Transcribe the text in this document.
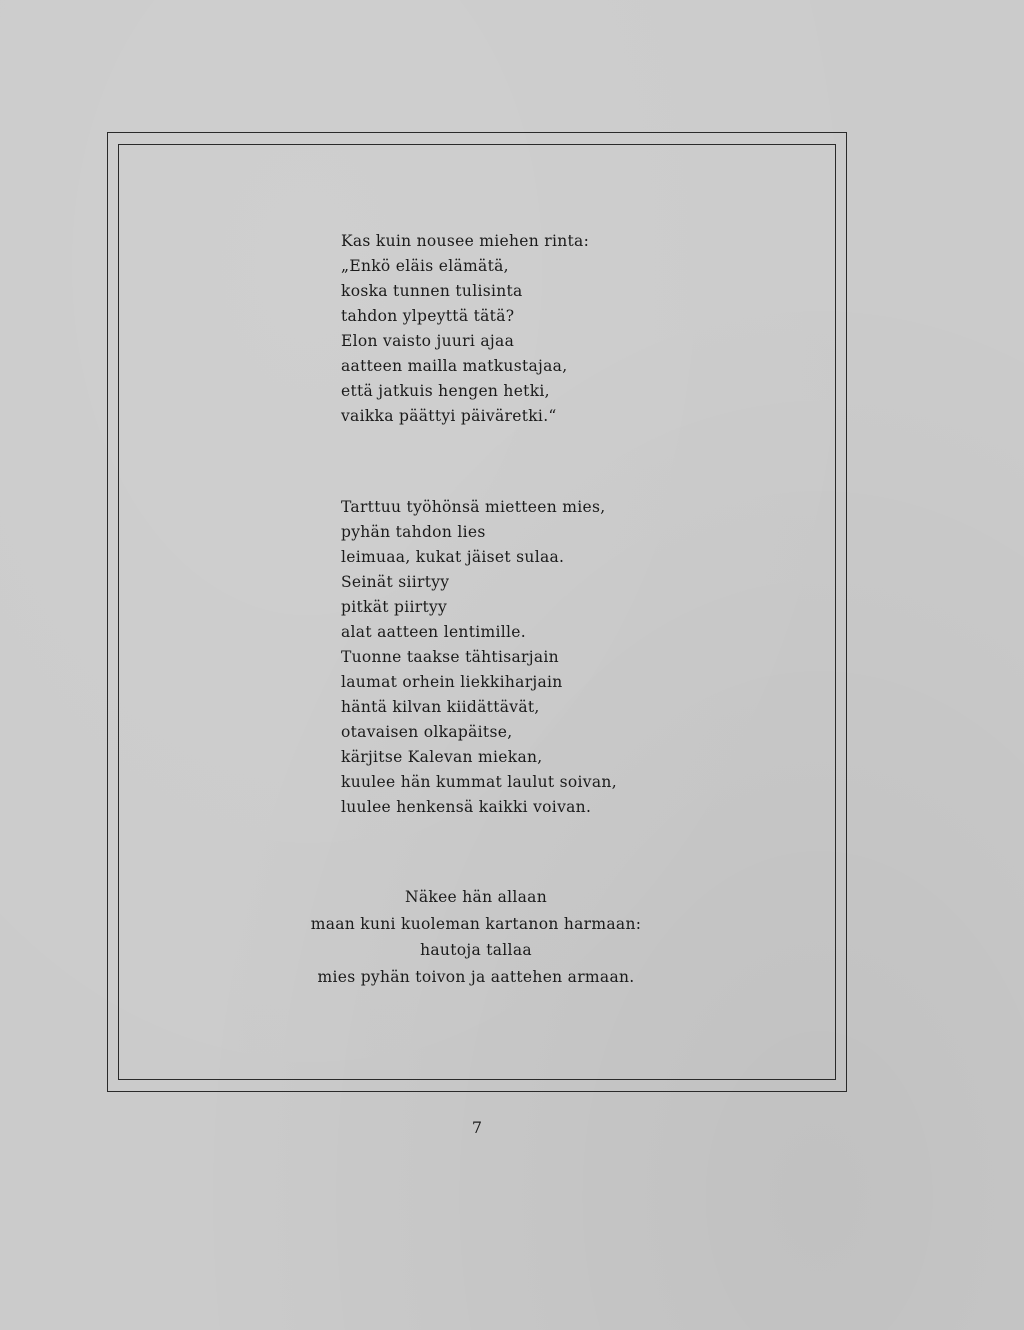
Kas kuin nousee miehen rinta:
„Enkö eläis elämätä,
koska tunnen tulisinta
tahdon ylpeyttä tätä?
Elon vaisto juuri ajaa
aatteen mailla matkustajaa,
että jatkuis hengen hetki,
vaikka päättyi päiväretki.“
Tarttuu työhönsä mietteen mies,
pyhän tahdon lies
leimuaa, kukat jäiset sulaa.
Seinät siirtyy
pitkät piirtyy
alat aatteen lentimille.
Tuonne taakse tähtisarjain
laumat orhein liekkiharjain
häntä kilvan kiidättävät,
otavaisen olkapäitse,
kärjitse Kalevan miekan,
kuulee hän kummat laulut soivan,
luulee henkensä kaikki voivan.
Näkee hän allaan
maan kuni kuoleman kartanon harmaan:
hautoja tallaa
mies pyhän toivon ja aattehen armaan.
7
